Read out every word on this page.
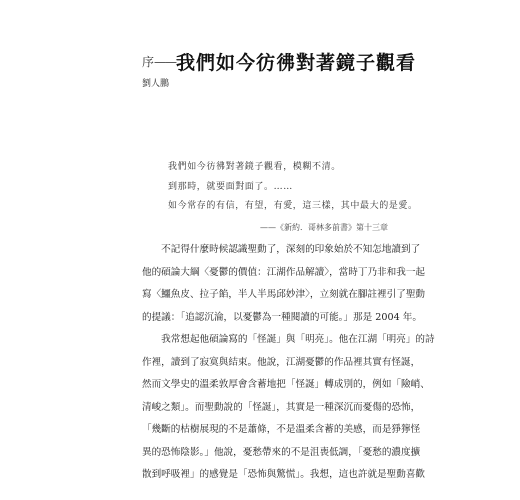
序——我們如今彷彿對著鏡子觀看
劉人鵬
我們如今彷彿對著鏡子觀看，模糊不清。
到那時，就要面對面了。……
如今常存的有信，有望，有愛，這三樣，其中最大的是愛。
——《新約．哥林多前書》第十三章
　　不記得什麼時候認識聖動了，深刻的印象始於不知怎地讀到了
他的碩論大綱〈憂鬱的價值：江湖作品解讀〉，當時丁乃非和我一起
寫〈鱷魚皮、拉子餡，半人半馬邱妙津〉，立刻就在腳註裡引了聖動
的提議：「追認沉淪，以憂鬱為一種閱讀的可能。」那是 2004 年。
　　我常想起他碩論寫的「怪誕」與「明亮」。他在江湖「明亮」的詩
作裡，讀到了寂寞與結束。他說，江湖憂鬱的作品裡其實有怪誕，
然而文學史的溫柔敦厚會含蓄地把「怪誕」轉成別的，例如「險峭、
清峻之類」。而聖動說的「怪誕」，其實是一種深沉而憂傷的恐怖，
「幾斷的枯樹展現的不是蕭條，不是溫柔含蓄的美感，而是猙獰怪
異的恐怖陰影。」他說，憂愁帶來的不是沮喪低調，「憂愁的濃度擴
散到呼吸裡」的感覺是「恐怖與驚慌」。我想，這也許就是聖動喜歡
